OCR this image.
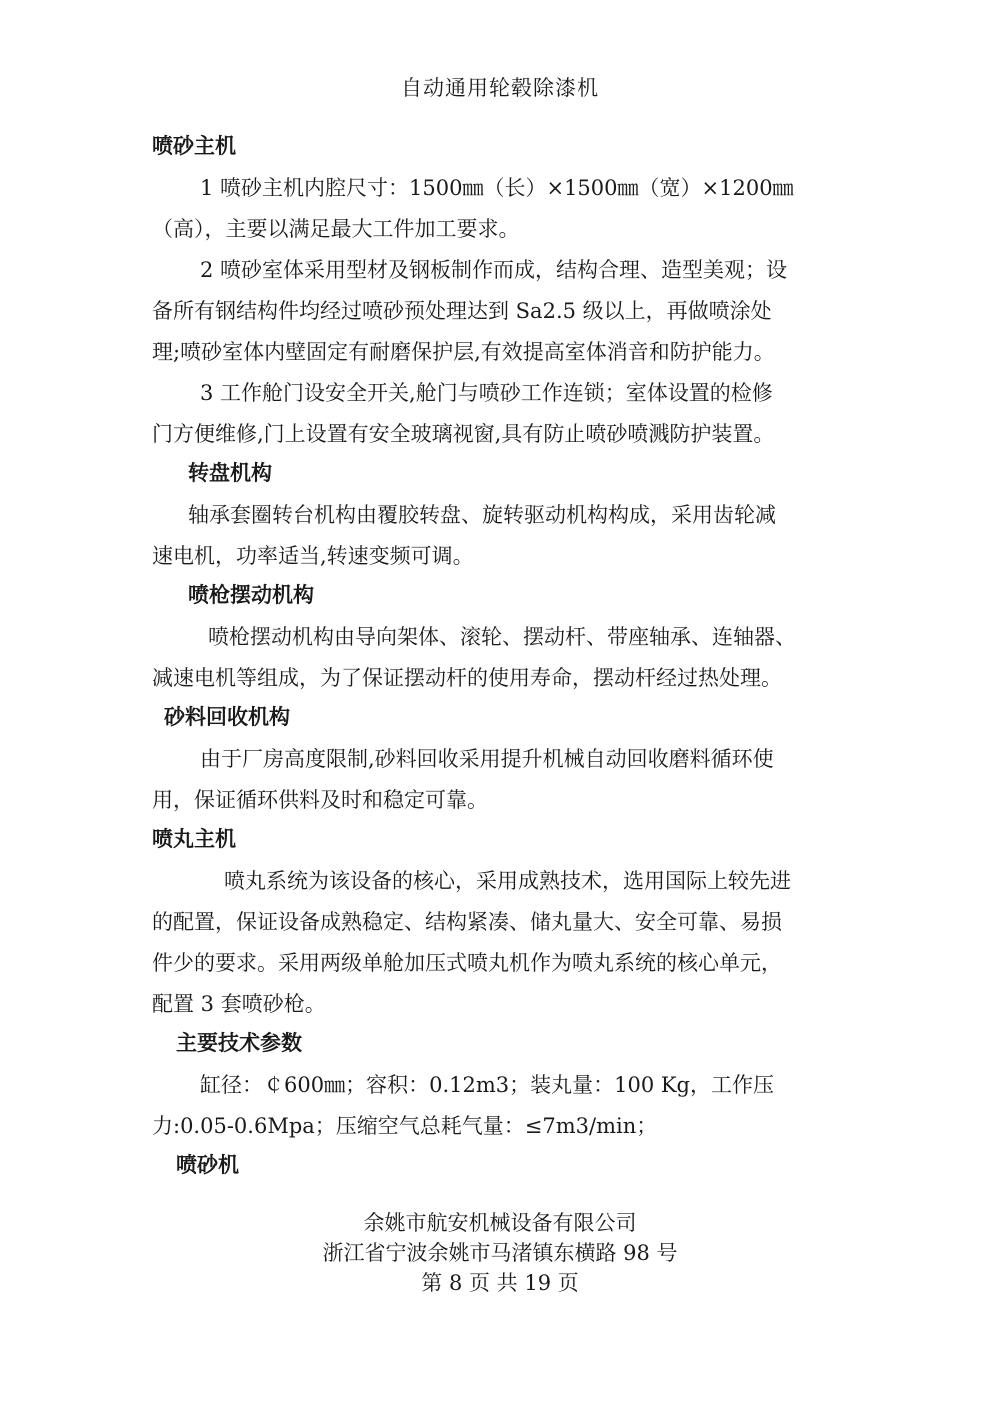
自动通用轮毂除漆机
喷砂主机
1 喷砂主机内腔尺寸：1500㎜（长）×1500㎜（宽）×1200㎜
（高），主要以满足最大工件加工要求。
2 喷砂室体采用型材及钢板制作而成，结构合理、造型美观；设
备所有钢结构件均经过喷砂预处理达到 Sa2.5 级以上，再做喷涂处
理;喷砂室体内壁固定有耐磨保护层,有效提高室体消音和防护能力。
3 工作舱门设安全开关,舱门与喷砂工作连锁；室体设置的检修
门方便维修,门上设置有安全玻璃视窗,具有防止喷砂喷溅防护装置。
转盘机构
轴承套圈转台机构由覆胶转盘、旋转驱动机构构成，采用齿轮减
速电机，功率适当,转速变频可调。
喷枪摆动机构
喷枪摆动机构由导向架体、滚轮、摆动杆、带座轴承、连轴器、
减速电机等组成，为了保证摆动杆的使用寿命，摆动杆经过热处理。
砂料回收机构
由于厂房高度限制,砂料回收采用提升机械自动回收磨料循环使
用，保证循环供料及时和稳定可靠。
喷丸主机
喷丸系统为该设备的核心，采用成熟技术，选用国际上较先进
的配置，保证设备成熟稳定、结构紧凑、储丸量大、安全可靠、易损
件少的要求。采用两级单舱加压式喷丸机作为喷丸系统的核心单元，
配置 3 套喷砂枪。
主要技术参数
缸径：￠600㎜；容积：0.12m3；装丸量：100 Kg，工作压
力:0.05-0.6Mpa；压缩空气总耗气量：≤7m3/min；
喷砂机
余姚市航安机械设备有限公司
浙江省宁波余姚市马渚镇东横路 98 号
第 8 页 共 19 页
